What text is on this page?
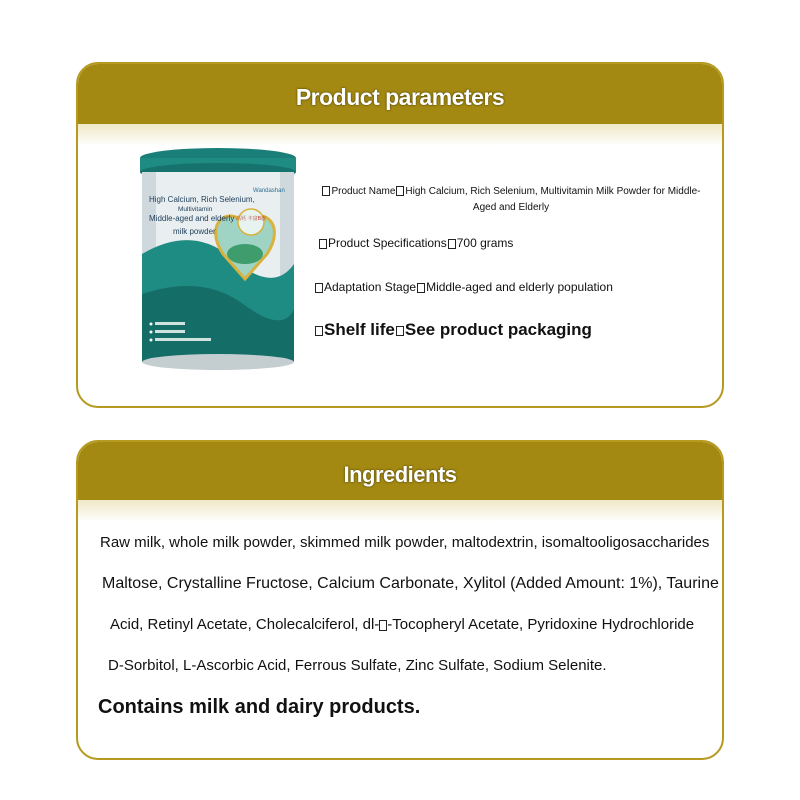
Product parameters
高钙 丰富B族
Wandashan
High Calcium, Rich Selenium,
Multivitamin
Middle-aged and elderly
milk powder
Product Name High Calcium, Rich Selenium, Multivitamin Milk Powder for Middle-Aged and Elderly
Product Specifications 700 grams
Adaptation Stage Middle-aged and elderly population
Shelf life See product packaging
Ingredients
Raw milk, whole milk powder, skimmed milk powder, maltodextrin, isomaltooligosaccharides
Maltose, Crystalline Fructose, Calcium Carbonate, Xylitol (Added Amount: 1%), Taurine
Acid, Retinyl Acetate, Cholecalciferol, dl- -Tocopheryl Acetate, Pyridoxine Hydrochloride
D-Sorbitol, L-Ascorbic Acid, Ferrous Sulfate, Zinc Sulfate, Sodium Selenite.
Contains milk and dairy products.
